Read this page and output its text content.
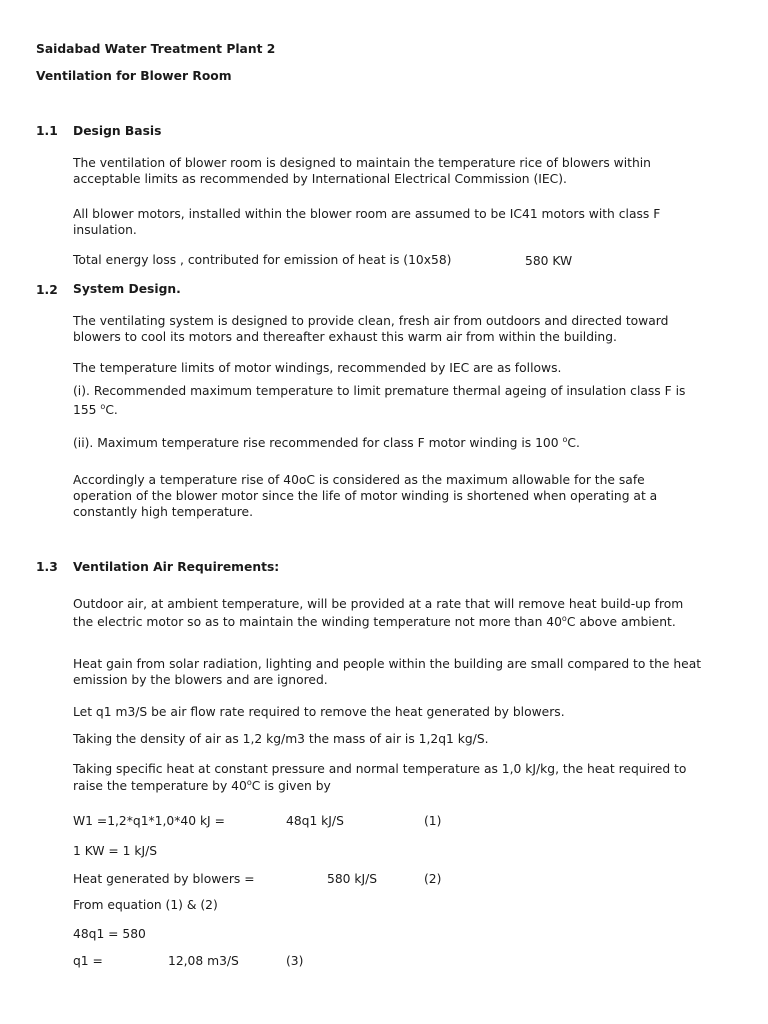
Saidabad Water Treatment Plant 2
Ventilation for Blower Room
1.1 Design Basis
The ventilation of blower room is designed to maintain the temperature rice of blowers within acceptable limits as recommended by International Electrical Commission (IEC).
All blower motors, installed within the blower room are assumed to be IC41 motors with class F insulation.
Total energy loss , contributed for emission of heat is (10x58)	580 KW
1.2 System Design.
The ventilating system is designed to provide clean, fresh air from outdoors and directed toward blowers to cool its motors and thereafter exhaust this warm air from within the building.
The temperature limits of motor windings, recommended by IEC are as follows.
(i). Recommended maximum temperature to limit premature thermal ageing of insulation class F is 155 $^o$C.
(ii). Maximum temperature rise recommended for class F motor winding is 100 $^o$C.
Accordingly a temperature rise of 40oC is considered as the maximum allowable for the safe operation of the blower motor since the life of motor winding is shortened when operating at a constantly high temperature.
1.3 Ventilation Air Requirements:
Outdoor air, at ambient temperature, will be provided at a rate that will remove heat build-up from the electric motor so as to maintain the winding temperature not more than 40$^o$C above ambient.
Heat gain from solar radiation, lighting and people within the building are small compared to the heat emission by the blowers and are ignored.
Let q1 m3/S be air flow rate required to remove the heat generated by blowers.
Taking the density of air as 1,2 kg/m3 the mass of air is 1,2q1 kg/S.
Taking specific heat at constant pressure and normal temperature as 1,0 kJ/kg, the heat required to raise the temperature by 40$^o$C is given by
W1 =1,2*q1*1,0*40 kJ =	48q1 kJ/S	(1)
1 KW = 1 kJ/S
Heat generated by blowers =	580 kJ/S	(2)
From equation (1) & (2)
48q1 = 580
q1 =	12,08 m3/S	(3)
